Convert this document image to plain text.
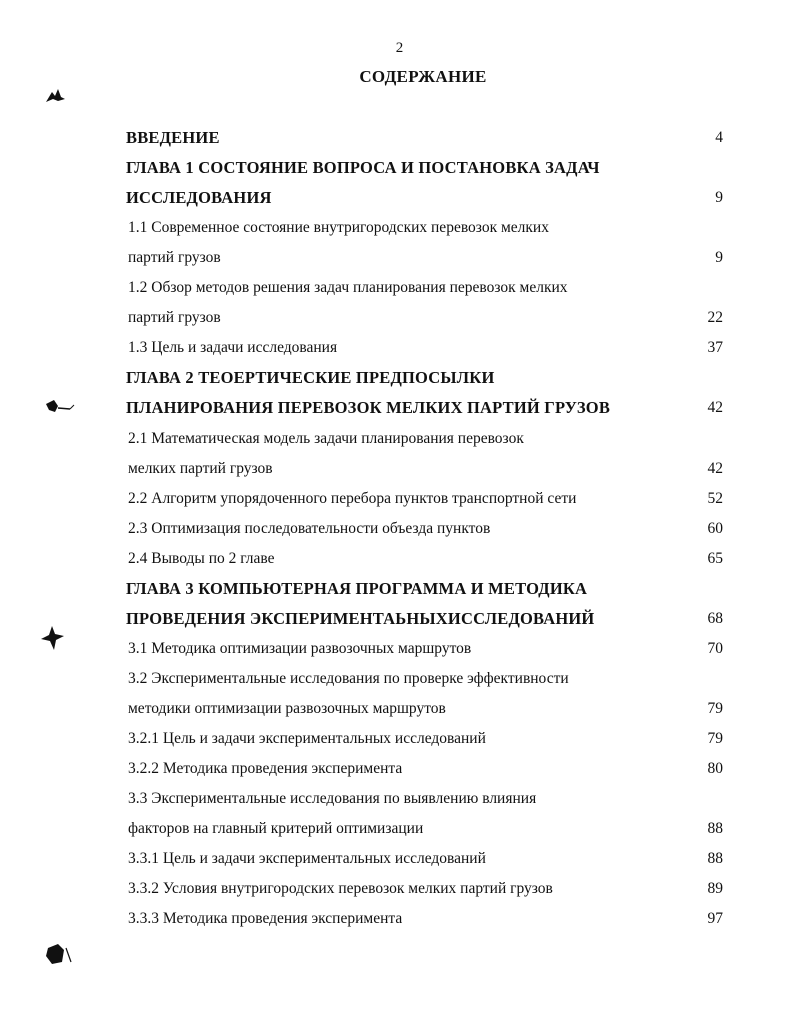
2
СОДЕРЖАНИЕ
ВВЕДЕНИЕ	4
ГЛАВА 1 СОСТОЯНИЕ ВОПРОСА И ПОСТАНОВКА ЗАДАЧ
ИССЛЕДОВАНИЯ	9
1.1 Современное состояние внутригородских перевозок мелких
партий грузов	9
1.2 Обзор методов решения задач планирования перевозок мелких
партий грузов	22
1.3 Цель и задачи исследования	37
ГЛАВА 2 ТЕОЕРТИЧЕСКИЕ ПРЕДПОСЫЛКИ
ПЛАНИРОВАНИЯ ПЕРЕВОЗОК МЕЛКИХ ПАРТИЙ ГРУЗОВ	42
2.1 Математическая модель задачи планирования перевозок
мелких партий грузов	42
2.2 Алгоритм упорядоченного перебора пунктов транспортной сети	52
2.3 Оптимизация последовательности объезда пунктов	60
2.4 Выводы по 2 главе	65
ГЛАВА 3 КОМПЬЮТЕРНАЯ ПРОГРАММА И МЕТОДИКА
ПРОВЕДЕНИЯ ЭКСПЕРИМЕНТАЬНЫХИССЛЕДОВАНИЙ	68
3.1 Методика оптимизации развозочных маршрутов	70
3.2 Экспериментальные исследования по проверке эффективности
методики оптимизации развозочных маршрутов	79
3.2.1 Цель и задачи экспериментальных исследований	79
3.2.2 Методика проведения эксперимента	80
3.3 Экспериментальные исследования по выявлению влияния
факторов на главный критерий оптимизации	88
3.3.1 Цель и задачи экспериментальных исследований	88
3.3.2 Условия внутригородских перевозок мелких партий грузов	89
3.3.3 Методика проведения эксперимента	97
